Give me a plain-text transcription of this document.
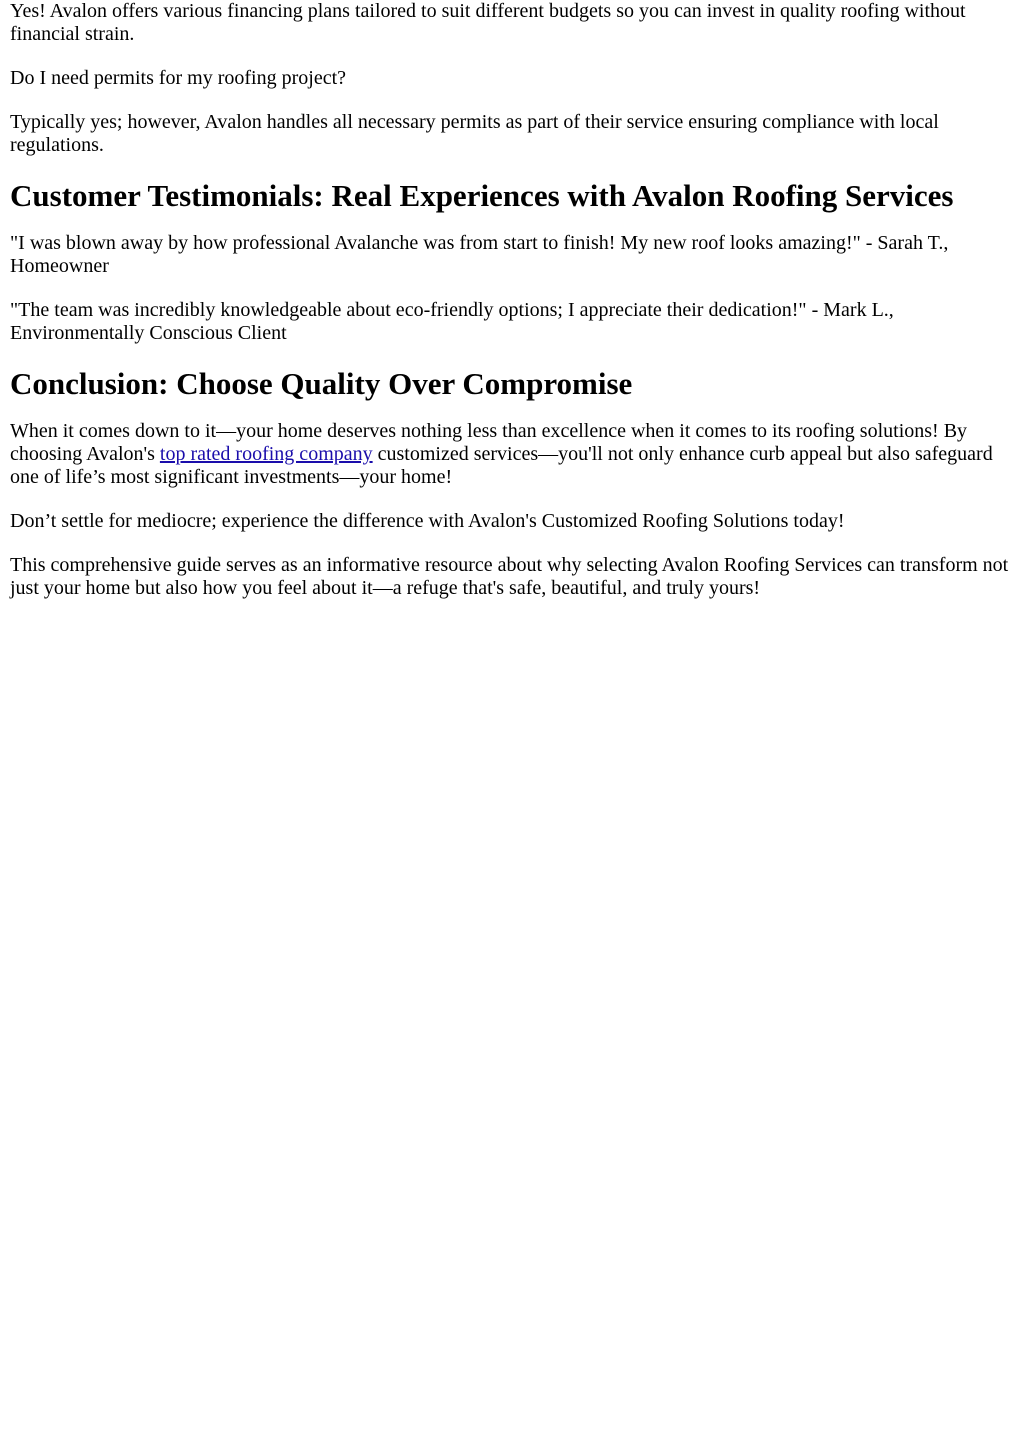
Yes! Avalon offers various financing plans tailored to suit different budgets so you can invest in quality roofing without financial strain.

Do I need permits for my roofing project?

Typically yes; however, Avalon handles all necessary permits as part of their service ensuring compliance with local regulations.

Customer Testimonials: Real Experiences with Avalon Roofing Services

"I was blown away by how professional Avalanche was from start to finish! My new roof looks amazing!" - Sarah T., Homeowner

"The team was incredibly knowledgeable about eco-friendly options; I appreciate their dedication!" - Mark L., Environmentally Conscious Client

Conclusion: Choose Quality Over Compromise

When it comes down to it—your home deserves nothing less than excellence when it comes to its roofing solutions! By choosing Avalon's top rated roofing company customized services—you'll not only enhance curb appeal but also safeguard one of life’s most significant investments—your home!

Don’t settle for mediocre; experience the difference with Avalon's Customized Roofing Solutions today!

This comprehensive guide serves as an informative resource about why selecting Avalon Roofing Services can transform not just your home but also how you feel about it—a refuge that's safe, beautiful, and truly yours!
